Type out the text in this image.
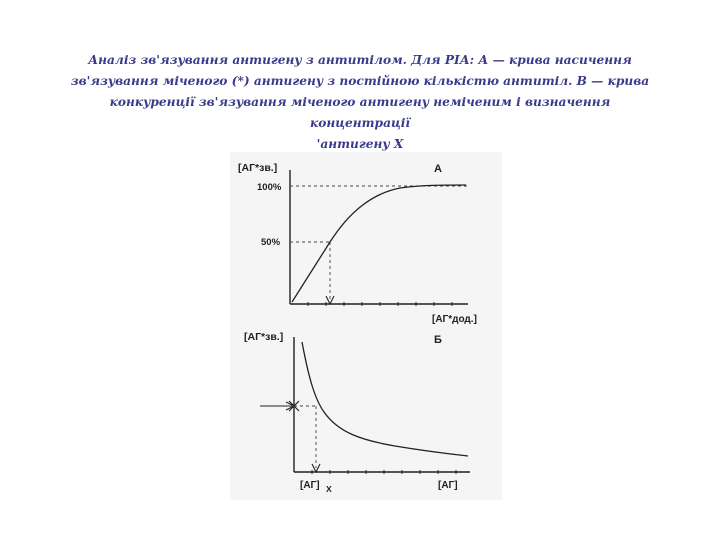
Аналіз зв'язування антигену з антитілом. Для РІА: А — крива насичення
зв'язування міченого (*) антигену з постійною кількістю антитіл. В — крива
конкуренції зв'язування міченого антигену неміченим і визначення концентрації
'антигену Х
[АГ*зв.]
100%
50%
А
[АГ*дод.]
[АГ*зв.]	Б
[АГ] Х	[АГ]
